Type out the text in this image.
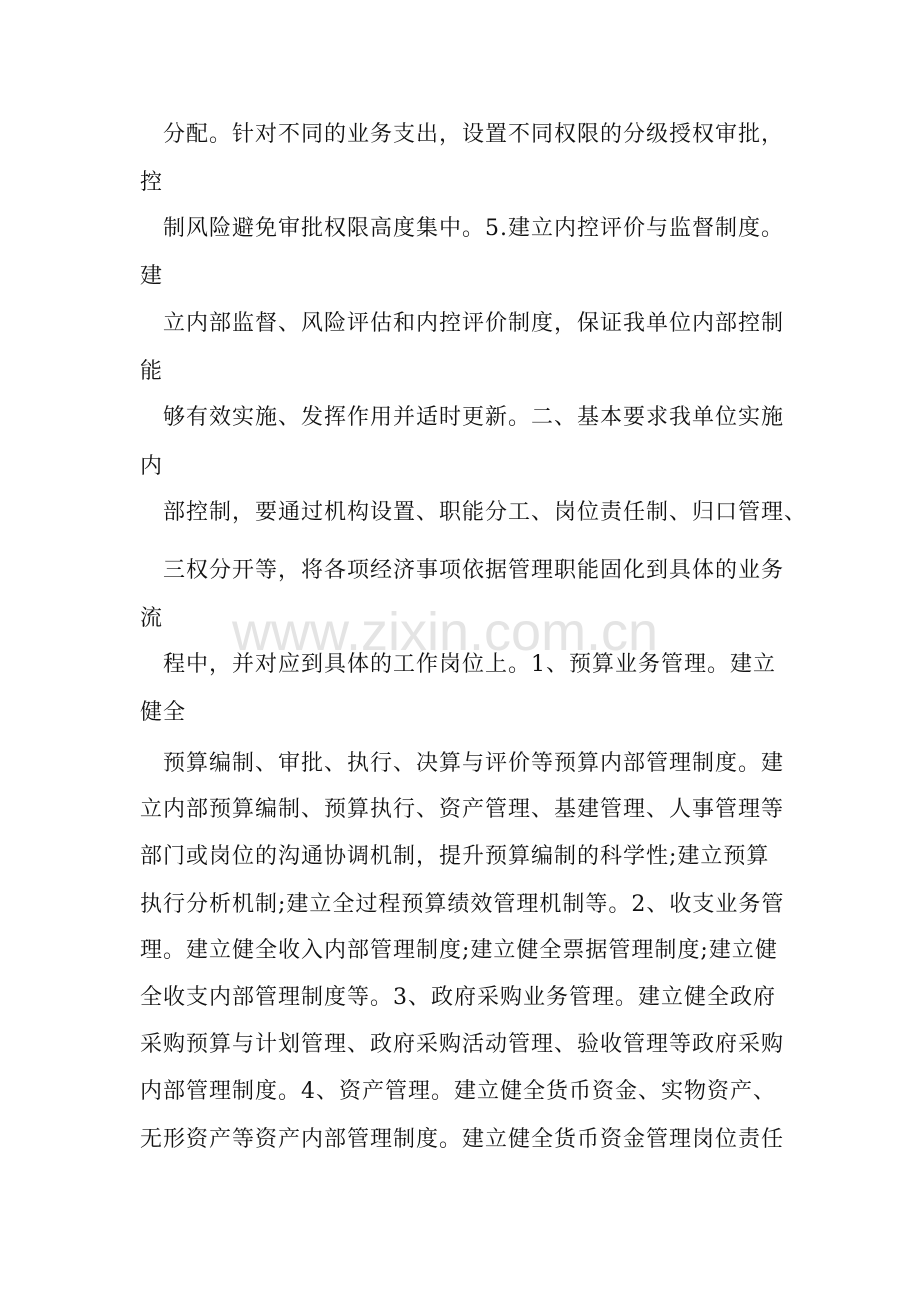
www.zixin.com.cn
分配。针对不同的业务支出，设置不同权限的分级授权审批，
控
制风险避免审批权限高度集中。5.建立内控评价与监督制度。
建
立内部监督、风险评估和内控评价制度，保证我单位内部控制
能
够有效实施、发挥作用并适时更新。二、基本要求我单位实施
内
部控制，要通过机构设置、职能分工、岗位责任制、归口管理、
三权分开等，将各项经济事项依据管理职能固化到具体的业务
流
程中，并对应到具体的工作岗位上。1、预算业务管理。建立
健全
预算编制、审批、执行、决算与评价等预算内部管理制度。建
立内部预算编制、预算执行、资产管理、基建管理、人事管理等
部门或岗位的沟通协调机制，提升预算编制的科学性;建立预算
执行分析机制;建立全过程预算绩效管理机制等。2、收支业务管
理。建立健全收入内部管理制度;建立健全票据管理制度;建立健
全收支内部管理制度等。3、政府采购业务管理。建立健全政府
采购预算与计划管理、政府采购活动管理、验收管理等政府采购
内部管理制度。4、资产管理。建立健全货币资金、实物资产、
无形资产等资产内部管理制度。建立健全货币资金管理岗位责任
